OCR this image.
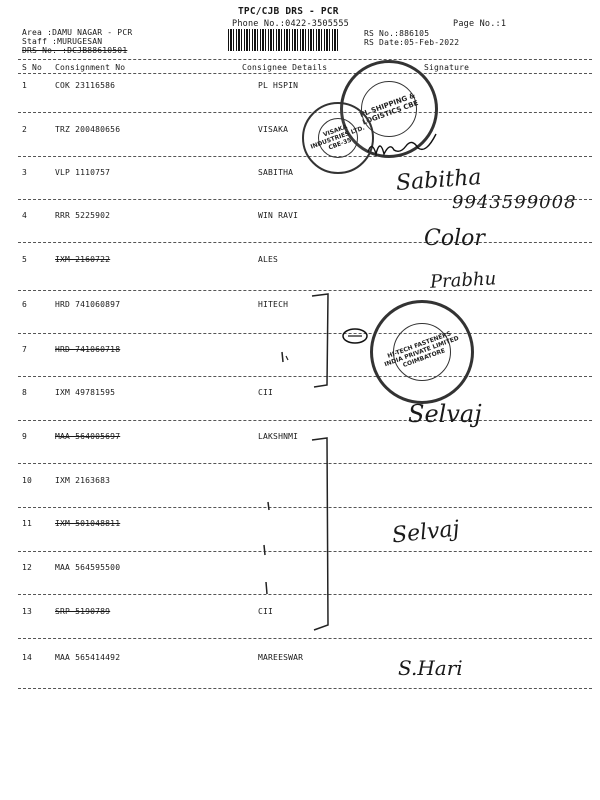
TPC/CJB DRS - PCR
Phone No.:0422-3505555	Page No.:1
Area :DAMU NAGAR - PCR
Staff :MURUGESAN
DRS No. :DCJB88610501
RS No.:886105
RS Date:05-Feb-2022
S No Consignment No	Consignee Details	Signature
1	COK 23116586	PL HSPIN
2	TRZ 200480656	VISAKA
3	VLP 1110757	SABITHA
4	RRR 5225902	WIN RAVI
5	IXM 2160722	ALES
6	HRD 741060897	HITECH
7	HRD 741060718
8	IXM 49781595	CII
9	MAA 564005697	LAKSHNMI
10	IXM 2163683
11	IXM 501048811
12	MAA 564595500
13	SRP 5190789	CII
14	MAA 565414492	MAREESWAR
PL SHIPPING & LOGISTICS CBE
VISAKA INDUSTRIES LTD. CBE-35
HI-TECH FASTENERS INDIA PRIVATE LIMITED COIMBATORE
Sabitha
9943599008
Color
Prabhu
Selvaj
Selvaj
S.Hari
